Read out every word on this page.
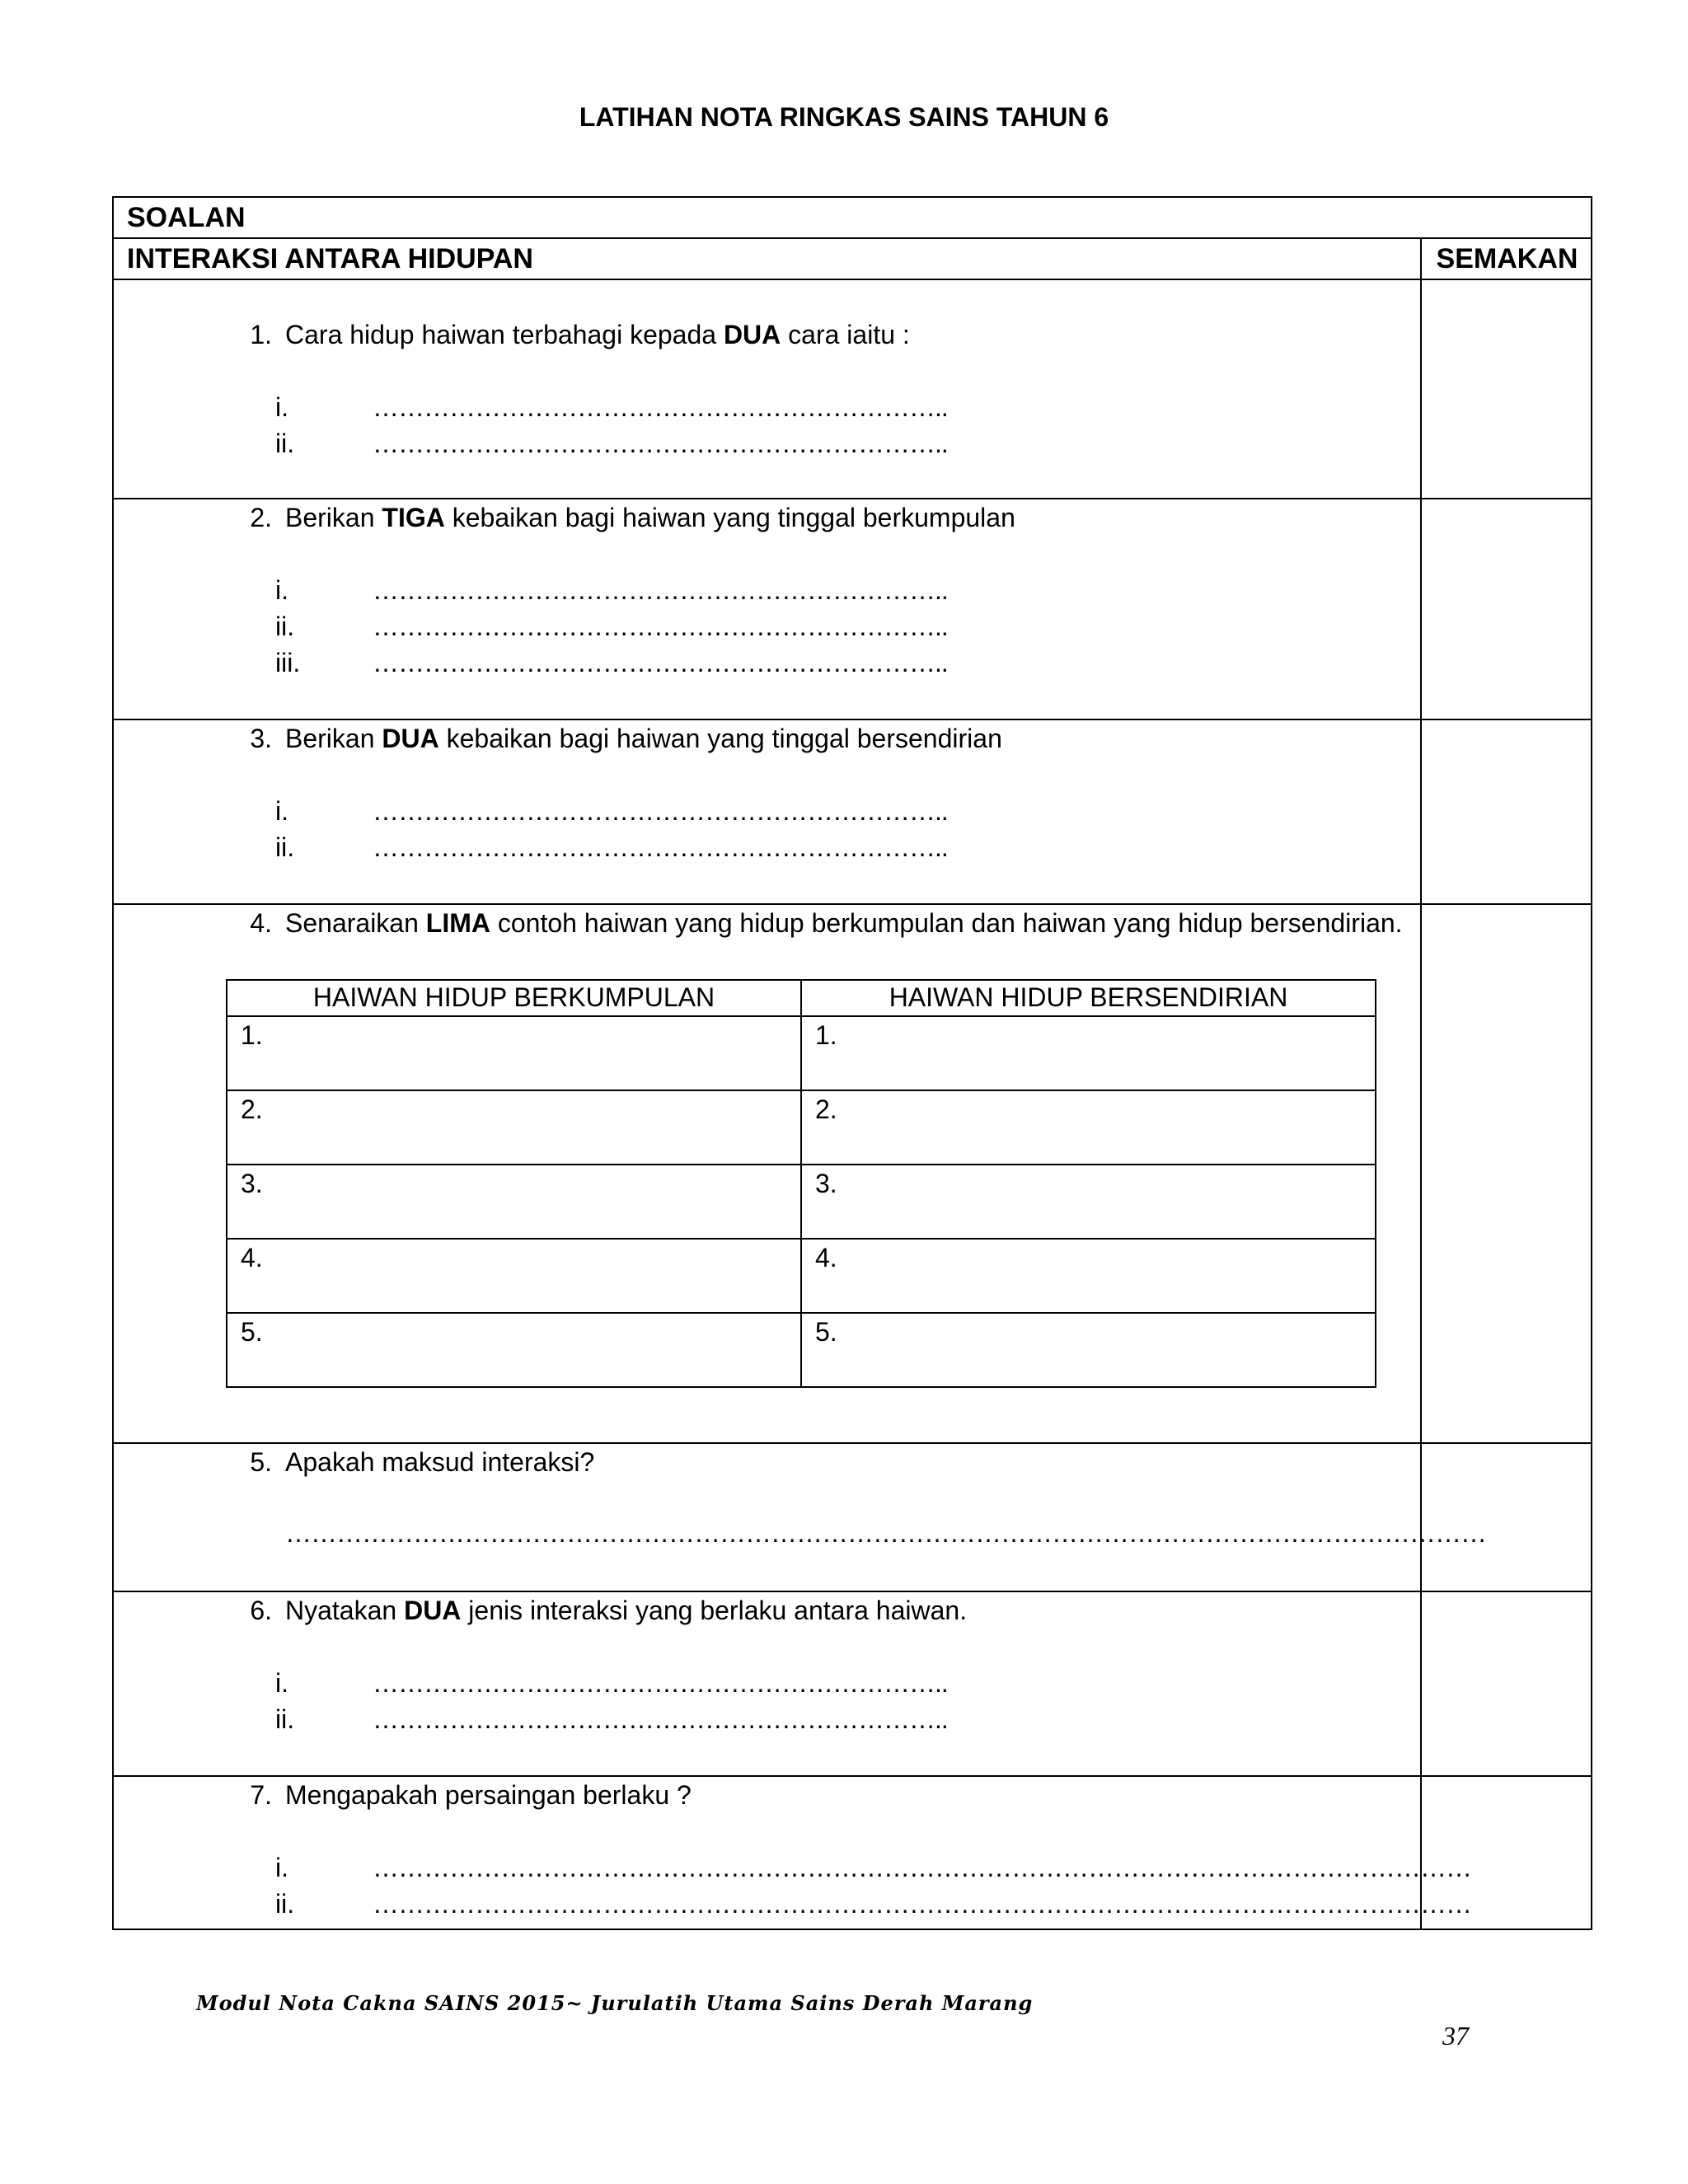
LATIHAN NOTA RINGKAS SAINS TAHUN 6
SOALAN
INTERAKSI ANTARA HIDUPAN	SEMAKAN
1. Cara hidup haiwan terbahagi kepada DUA cara iaitu :
i.	…………………………………………………………..
ii.	…………………………………………………………..
2. Berikan TIGA kebaikan bagi haiwan yang tinggal berkumpulan
i.	…………………………………………………………..
ii.	…………………………………………………………..
iii.	…………………………………………………………..
3. Berikan DUA kebaikan bagi haiwan yang tinggal bersendirian
i.	…………………………………………………………..
ii.	…………………………………………………………..
4. Senaraikan LIMA contoh haiwan yang hidup berkumpulan dan haiwan yang hidup bersendirian.
HAIWAN HIDUP BERKUMPULAN	HAIWAN HIDUP BERSENDIRIAN
1.	1.
2.	2.
3.	3.
4.	4.
5.	5.
5. Apakah maksud interaksi?
……………………………………………………………………………………………………………………………
6. Nyatakan DUA jenis interaksi yang berlaku antara haiwan.
i.	…………………………………………………………..
ii.	…………………………………………………………..
7. Mengapakah persaingan berlaku ?
i.	…………………………………………………………………………………………………………………
ii.	…………………………………………………………………………………………………………………
Modul Nota Cakna SAINS 2015~ Jurulatih Utama Sains Derah Marang
37
